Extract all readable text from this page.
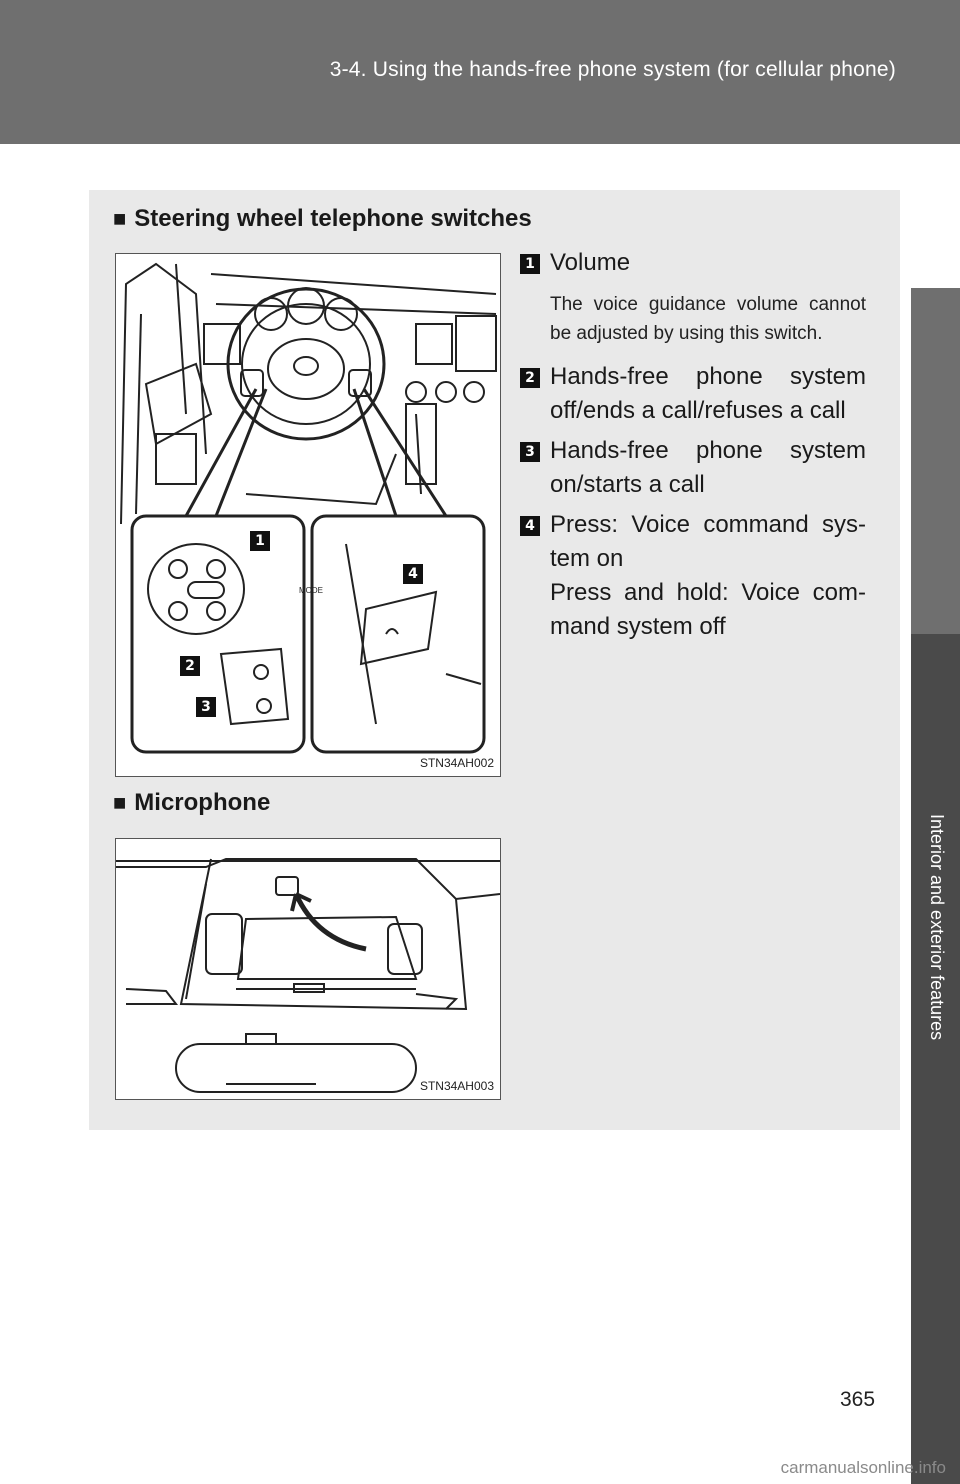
3-4. Using the hands-free phone system (for cellular phone)
Interior and exterior features
■ Steering wheel telephone switches
MODE
1
4
2
3
STN34AH002
1 Volume
The voice guidance volume cannot be adjusted by using this switch.
2 Hands-free phone system off/ends a call/refuses a call
3 Hands-free phone system on/starts a call
4 Press: Voice command sys-tem on
Press and hold: Voice com-mand system off
■ Microphone
STN34AH003
365
carmanualsonline.info
